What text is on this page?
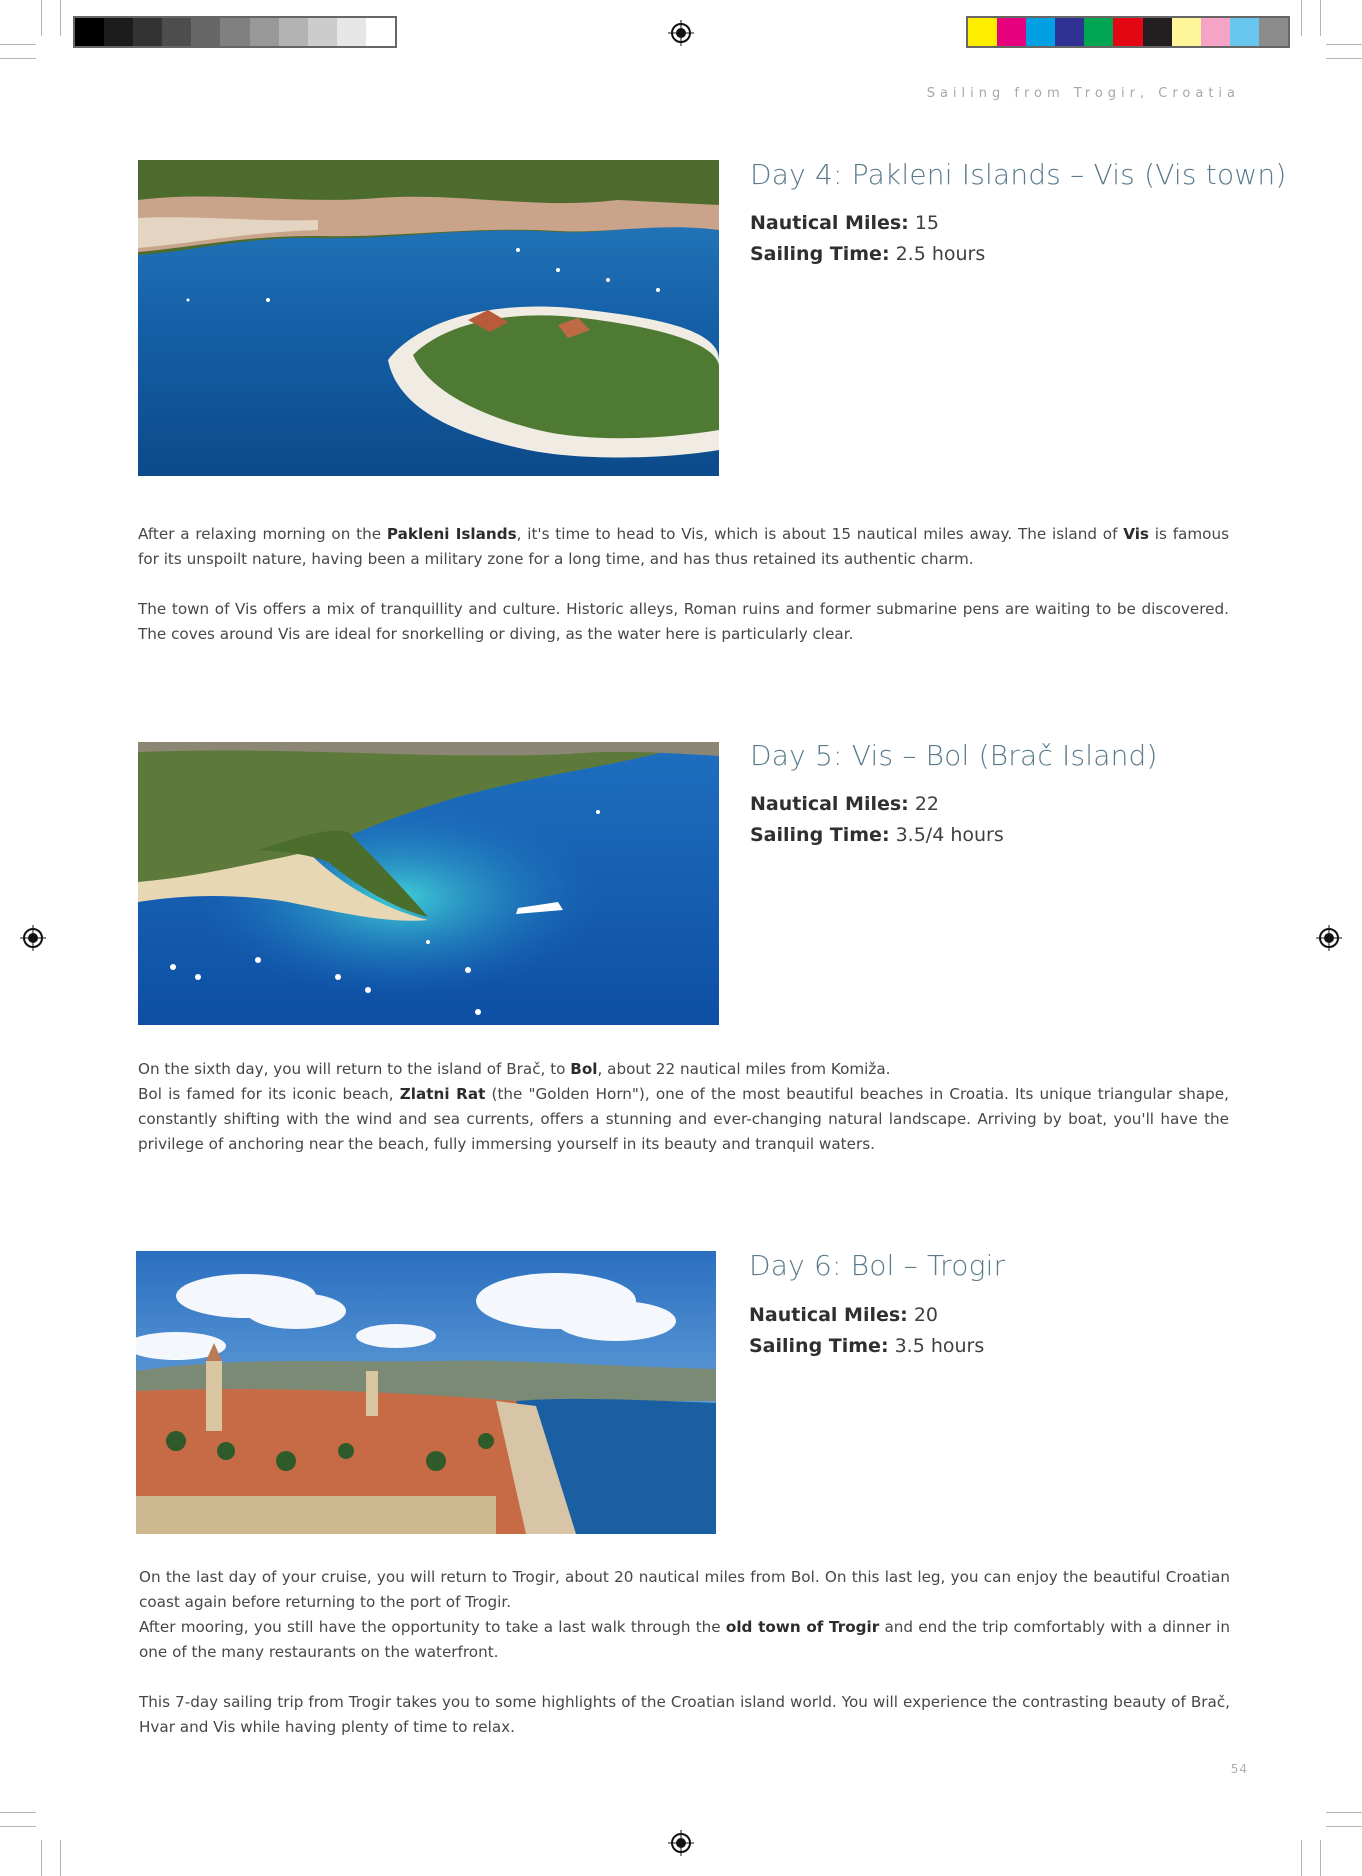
Sailing from Trogir, Croatia
Day 4: Pakleni Islands – Vis (Vis town)
Nautical Miles: 15
Sailing Time: 2.5 hours

After a relaxing morning on the Pakleni Islands, it's time to head to Vis, which is about 15 nautical miles away. The island of Vis is famous for its unspoilt nature, having been a military zone for a long time, and has thus retained its authentic charm.

The town of Vis offers a mix of tranquillity and culture. Historic alleys, Roman ruins and former submarine pens are waiting to be discovered. The coves around Vis are ideal for snorkelling or diving, as the water here is particularly clear.

Day 5: Vis – Bol (Brač Island)
Nautical Miles: 22
Sailing Time: 3.5/4 hours

On the sixth day, you will return to the island of Brač, to Bol, about 22 nautical miles from Komiža.

Bol is famed for its iconic beach, Zlatni Rat (the "Golden Horn"), one of the most beautiful beaches in Croatia. Its unique triangular shape, constantly shifting with the wind and sea currents, offers a stunning and ever-changing natural landscape. Arriving by boat, you'll have the privilege of anchoring near the beach, fully immersing yourself in its beauty and tranquil waters.

Day 6: Bol – Trogir
Nautical Miles: 20
Sailing Time: 3.5 hours

On the last day of your cruise, you will return to Trogir, about 20 nautical miles from Bol. On this last leg, you can enjoy the beautiful Croatian coast again before returning to the port of Trogir.

After mooring, you still have the opportunity to take a last walk through the old town of Trogir and end the trip comfortably with a dinner in one of the many restaurants on the waterfront.

This 7-day sailing trip from Trogir takes you to some highlights of the Croatian island world. You will experience the contrasting beauty of Brač, Hvar and Vis while having plenty of time to relax.

54
